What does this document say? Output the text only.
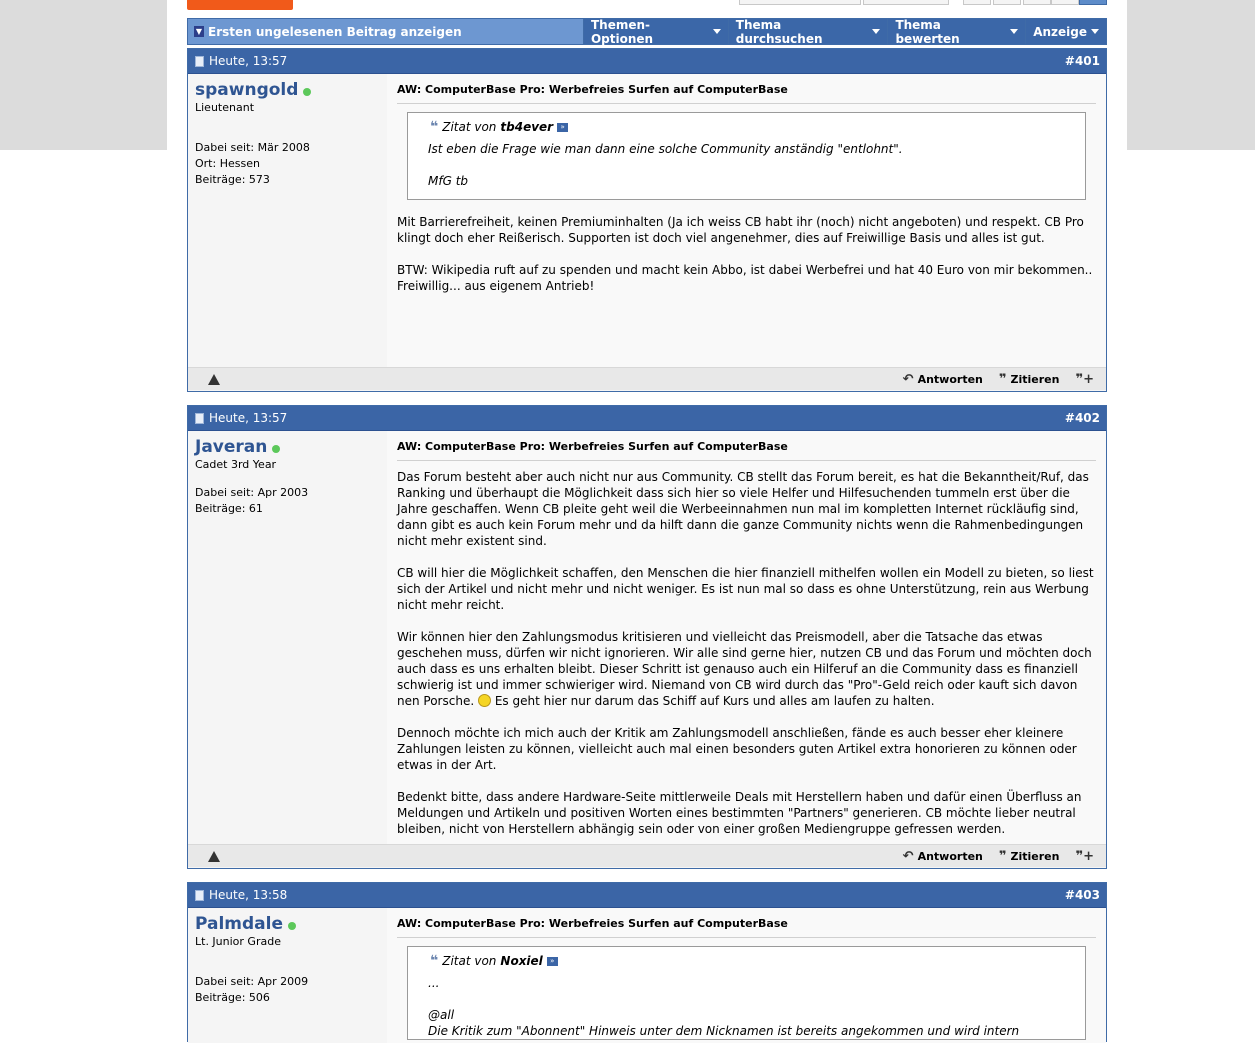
▼ Ersten ungelesenen Beitrag anzeigen	Themen-Optionen
Thema durchsuchen
Thema bewerten	Anzeige
Heute, 13:57	#401
spawngold
Lieutenant
Dabei seit: Mär 2008
Ort: Hessen
Beiträge: 573
AW: ComputerBase Pro: Werbefreies Surfen auf ComputerBase
❝ Zitat von tb4ever	»

Ist eben die Frage wie man dann eine solche Community anständig "entlohnt".

MfG tb

Mit Barrierefreiheit, keinen Premiuminhalten (Ja ich weiss CB habt ihr (noch) nicht angeboten) und respekt. CB Pro klingt doch eher Reißerisch. Supporten ist doch viel angenehmer, dies auf Freiwillige Basis und alles ist gut.

BTW: Wikipedia ruft auf zu spenden und macht kein Abbo, ist dabei Werbefrei und hat 40 Euro von mir bekommen.. Freiwillig... aus eigenem Antrieb!

↶ Antworten ❞ Zitieren ❞+
Heute, 13:57	#402
Javeran
Cadet 3rd Year
Dabei seit: Apr 2003
Beiträge: 61
AW: ComputerBase Pro: Werbefreies Surfen auf ComputerBase

Das Forum besteht aber auch nicht nur aus Community. CB stellt das Forum bereit, es hat die Bekanntheit/Ruf, das Ranking und überhaupt die Möglichkeit dass sich hier so viele Helfer und Hilfesuchenden tummeln erst über die Jahre geschaffen. Wenn CB pleite geht weil die Werbeeinnahmen nun mal im kompletten Internet rückläufig sind, dann gibt es auch kein Forum mehr und da hilft dann die ganze Community nichts wenn die Rahmenbedingungen nicht mehr existent sind.

CB will hier die Möglichkeit schaffen, den Menschen die hier finanziell mithelfen wollen ein Modell zu bieten, so liest sich der Artikel und nicht mehr und nicht weniger. Es ist nun mal so dass es ohne Unterstützung, rein aus Werbung nicht mehr reicht.

Wir können hier den Zahlungsmodus kritisieren und vielleicht das Preismodell, aber die Tatsache das etwas geschehen muss, dürfen wir nicht ignorieren. Wir alle sind gerne hier, nutzen CB und das Forum und möchten doch auch dass es uns erhalten bleibt. Dieser Schritt ist genauso auch ein Hilferuf an die Community dass es finanziell schwierig ist und immer schwieriger wird. Niemand von CB wird durch das "Pro"-Geld reich oder kauft sich davon nen Porsche. Es geht hier nur darum das Schiff auf Kurs und alles am laufen zu halten.

Dennoch möchte ich mich auch der Kritik am Zahlungsmodell anschließen, fände es auch besser eher kleinere Zahlungen leisten zu können, vielleicht auch mal einen besonders guten Artikel extra honorieren zu können oder etwas in der Art.

Bedenkt bitte, dass andere Hardware-Seite mittlerweile Deals mit Herstellern haben und dafür einen Überfluss an Meldungen und Artikeln und positiven Worten eines bestimmten "Partners" generieren. CB möchte lieber neutral bleiben, nicht von Herstellern abhängig sein oder von einer großen Mediengruppe gefressen werden.

↶ Antworten ❞ Zitieren ❞+
Heute, 13:58	#403
Palmdale
Lt. Junior Grade
Dabei seit: Apr 2009
Beiträge: 506
AW: ComputerBase Pro: Werbefreies Surfen auf ComputerBase
❝ Zitat von Noxiel	»

...

@all

Die Kritik zum "Abonnent" Hinweis unter dem Nicknamen ist bereits angekommen und wird intern
